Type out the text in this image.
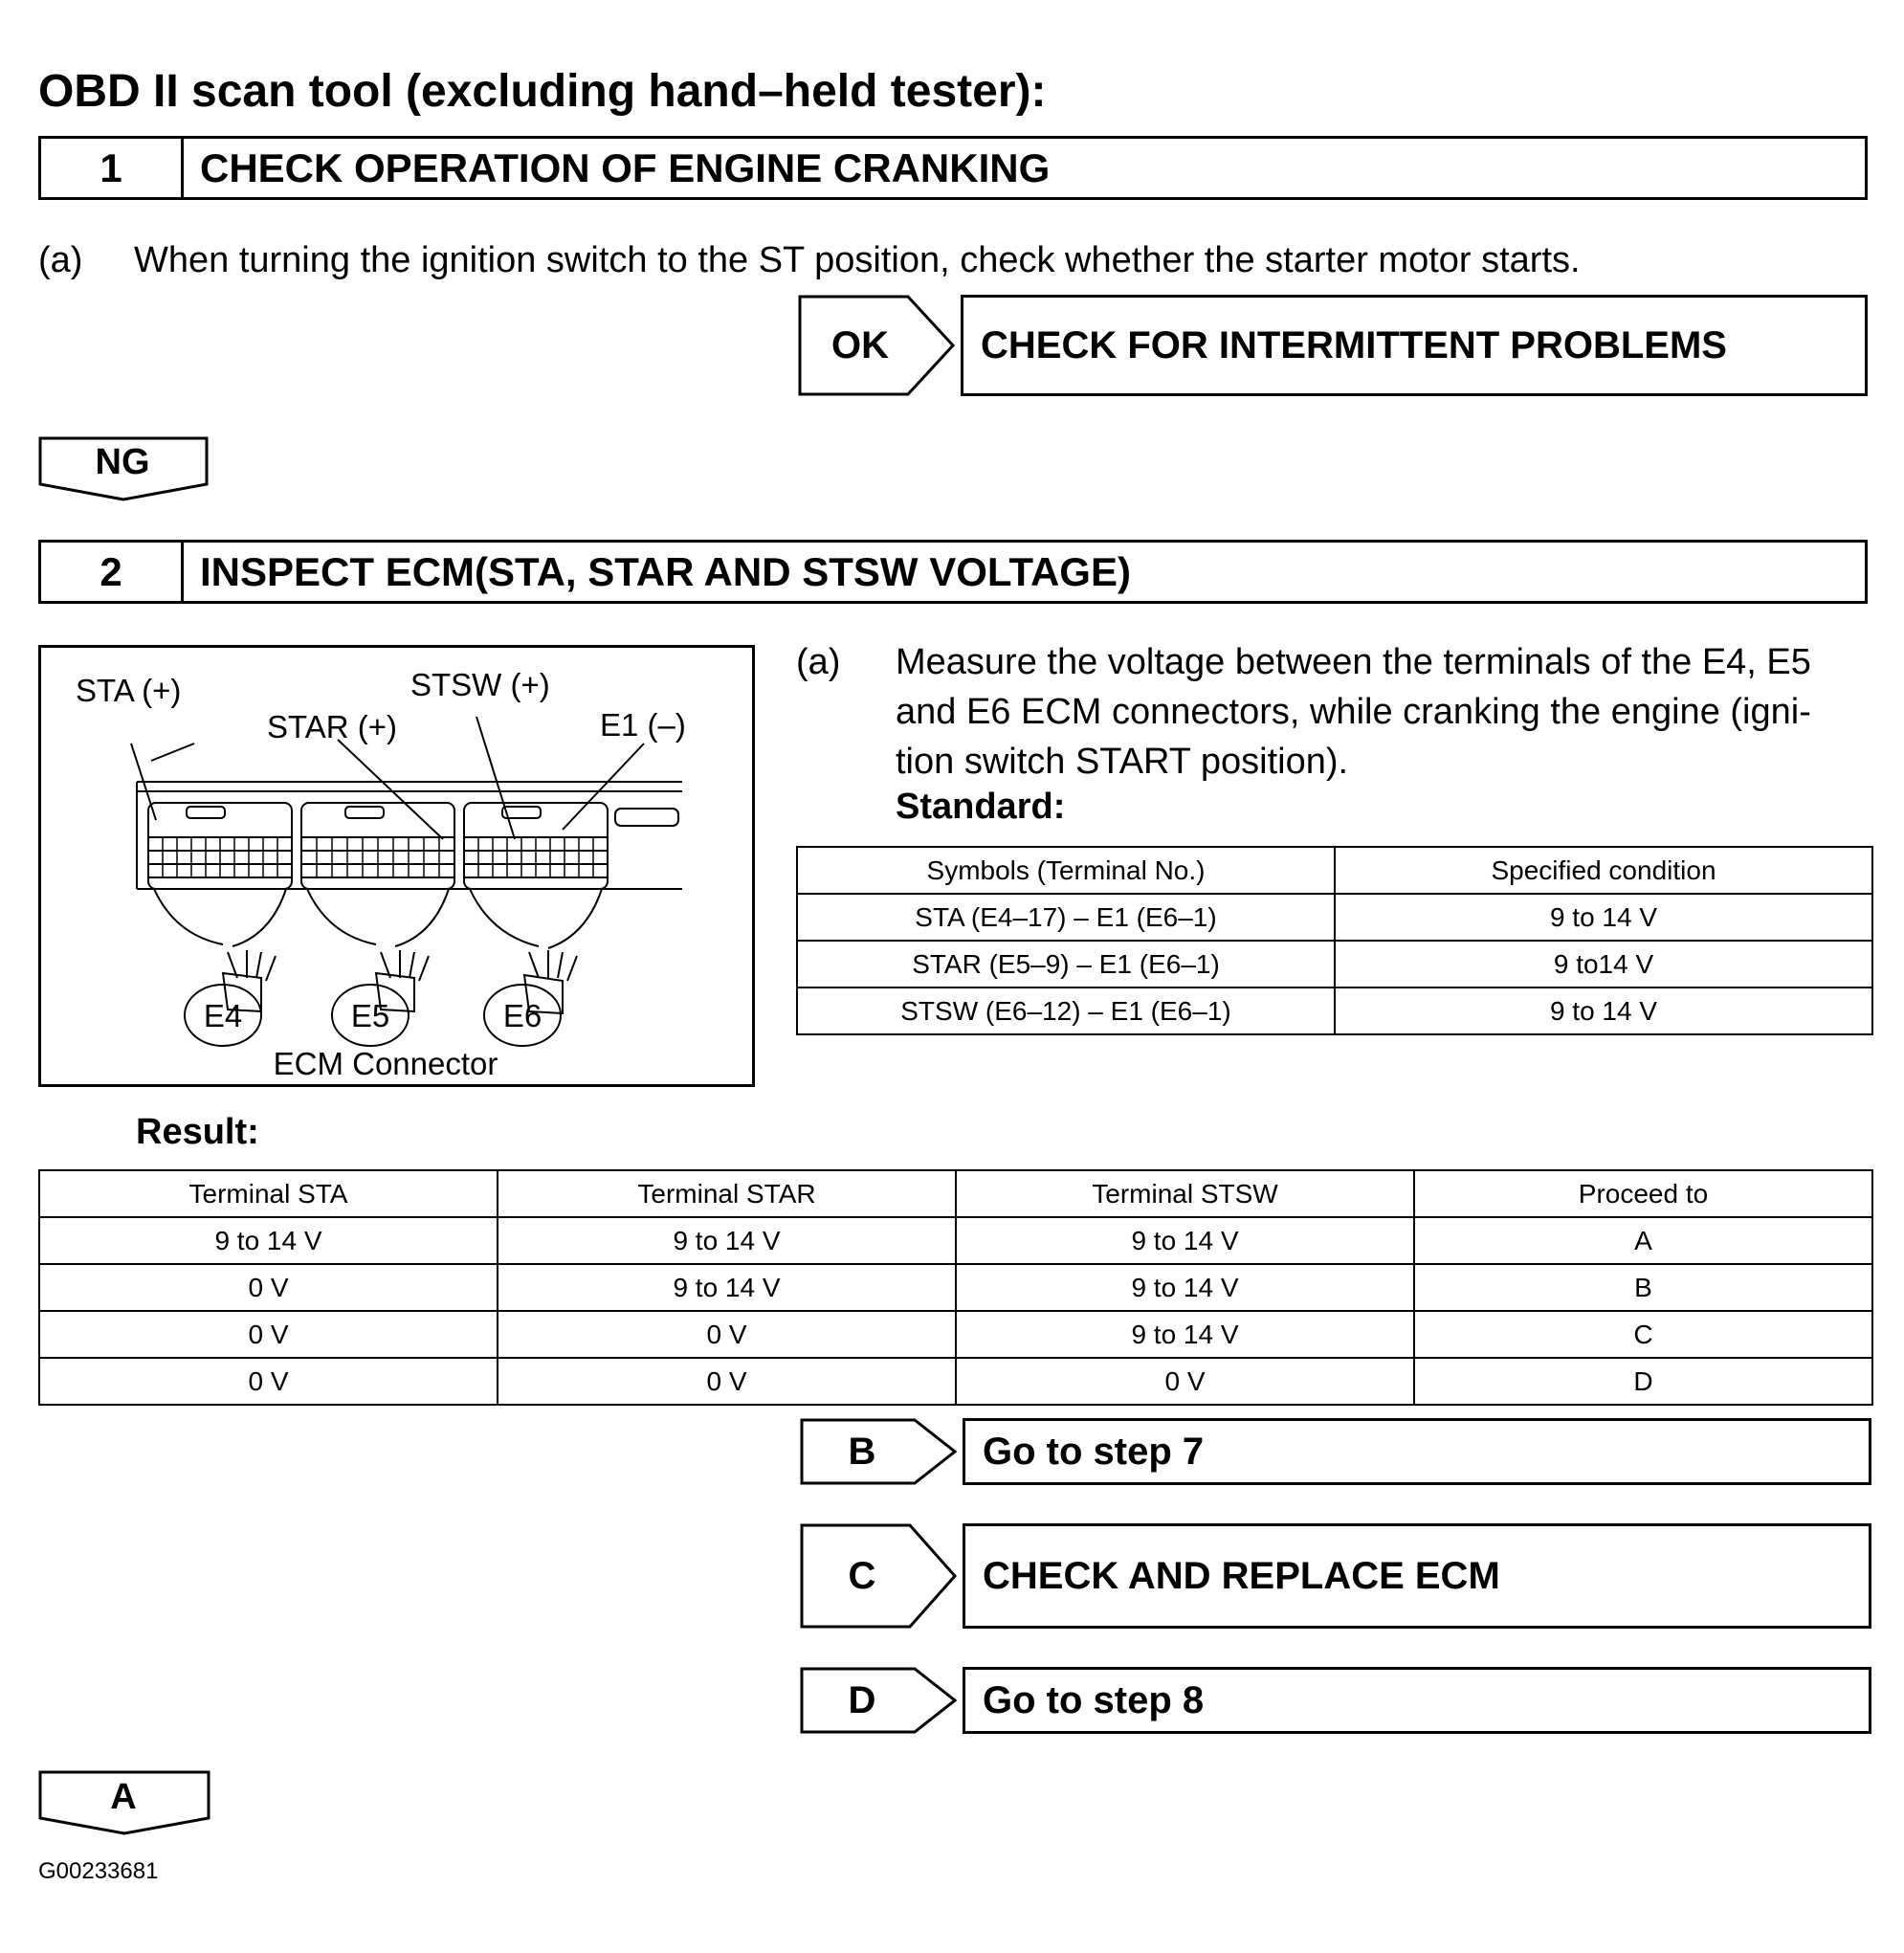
OBD II scan tool (excluding hand–held tester):
1	CHECK OPERATION OF ENGINE CRANKING
(a) When turning the ignition switch to the ST position, check whether the starter motor starts.
OK	CHECK FOR INTERMITTENT PROBLEMS
NG
2	INSPECT ECM(STA, STAR AND STSW VOLTAGE)
STA (+)	STSW (+)
STAR (+)	E1 (–)
E4	E5	E6
ECM Connector
(a) Measure the voltage between the terminals of the E4, E5
and E6 ECM connectors, while cranking the engine (igni-
tion switch START position).
Standard:
Symbols (Terminal No.)	Specified condition
STA (E4–17) – E1 (E6–1)	9 to 14 V
STAR (E5–9) – E1 (E6–1)	9 to14 V
STSW (E6–12) – E1 (E6–1)	9 to 14 V
Result:
Terminal STA	Terminal STAR	Terminal STSW	Proceed to
9 to 14 V	9 to 14 V	9 to 14 V	A
0 V	9 to 14 V	9 to 14 V	B
0 V	0 V	9 to 14 V	C
0 V	0 V	0 V	D
B	Go to step 7
C	CHECK AND REPLACE ECM
D	Go to step 8
A
G00233681
